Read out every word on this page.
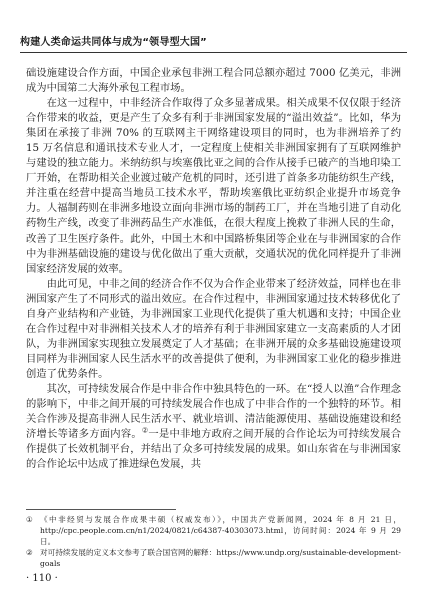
构建人类命运共同体与成为“领导型大国”

础设施建设合作方面，中国企业承包非洲工程合同总额亦超过 7000 亿美元，非洲成为中国第二大海外承包工程市场。

在这一过程中，中非经济合作取得了众多显著成果。相关成果不仅仅限于经济合作带来的收益，更是产生了众多有利于非洲国家发展的“溢出效益”。比如，华为集团在承接了非洲 70% 的互联网主干网络建设项目的同时，也为非洲培养了约 15 万名信息和通讯技术专业人才，一定程度上使相关非洲国家拥有了互联网维护与建设的独立能力。米纳纺织与埃塞俄比亚之间的合作从接手已破产的当地印染工厂开始，在帮助相关企业渡过破产危机的同时，还引进了首条多功能纺织生产线，并注重在经营中提高当地员工技术水平，帮助埃塞俄比亚纺织企业提升市场竞争力。人福制药则在非洲多地设立面向非洲市场的制药工厂，并在当地引进了自动化药物生产线，改变了非洲药品生产水准低，在很大程度上挽救了非洲人民的生命，改善了卫生医疗条件。此外，中国土木和中国路桥集团等企业在与非洲国家的合作中为非洲基础设施的建设与优化做出了重大贡献，交通状况的优化同样提升了非洲国家经济发展的效率。

由此可见，中非之间的经济合作不仅为合作企业带来了经济效益，同样也在非洲国家产生了不同形式的溢出效应。在合作过程中，非洲国家通过技术转移优化了自身产业结构和产业链，为非洲国家工业现代化提供了重大机遇和支持；中国企业在合作过程中对非洲相关技术人才的培养有利于非洲国家建立一支高素质的人才团队，为非洲国家实现独立发展奠定了人才基础；在非洲开展的众多基础设施建设项目同样为非洲国家人民生活水平的改善提供了便利，为非洲国家工业化的稳步推进创造了优势条件。

其次，可持续发展合作是中非合作中独具特色的一环。在“授人以渔”合作理念的影响下，中非之间开展的可持续发展合作也成了中非合作的一个独特的环节。相关合作涉及提高非洲人民生活水平、就业培训、清洁能源使用、基础设施建设和经济增长等诸多方面内容。②一是中非地方政府之间开展的合作论坛为可持续发展合作提供了长效机制平台，并结出了众多可持续发展的成果。如山东省在与非洲国家的合作论坛中达成了推进绿色发展，共

① 《中非经贸与发展合作成果丰硕（权威发布）》，中国共产党新闻网，2024 年 8 月 21 日，http://cpc.people.com.cn/n1/2024/0821/c64387-40303073.html，访问时间：2024 年 9 月 29 日。
② 对可持续发展的定义本文参考了联合国官网的解释：https://www.undp.org/sustainable-development-goals
· 110 ·
